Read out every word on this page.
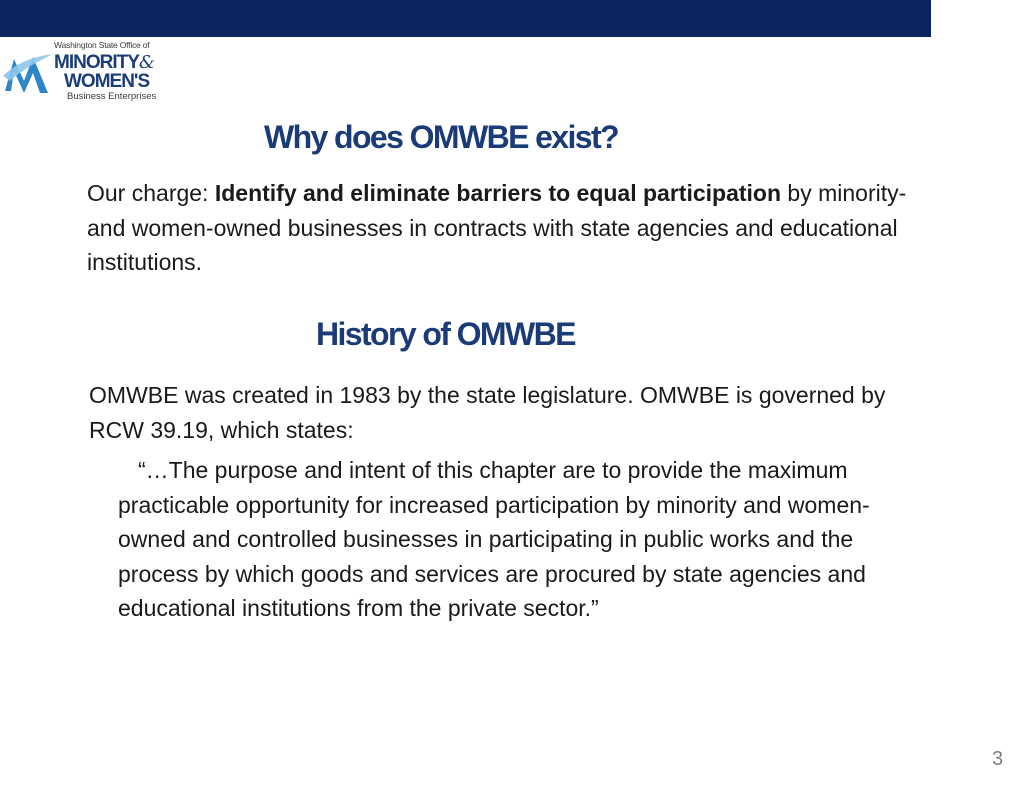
Washington State Office of
MINORITY&
WOMEN'S
Business Enterprises
Why does OMWBE exist?

Our charge: Identify and eliminate barriers to equal participation by minority- and women-owned businesses in contracts with state agencies and educational institutions.

History of OMWBE

OMWBE was created in 1983 by the state legislature. OMWBE is governed by RCW 39.19, which states:

“…The purpose and intent of this chapter are to provide the maximum practicable opportunity for increased participation by minority and women-owned and controlled businesses in participating in public works and the process by which goods and services are procured by state agencies and educational institutions from the private sector.”

3
